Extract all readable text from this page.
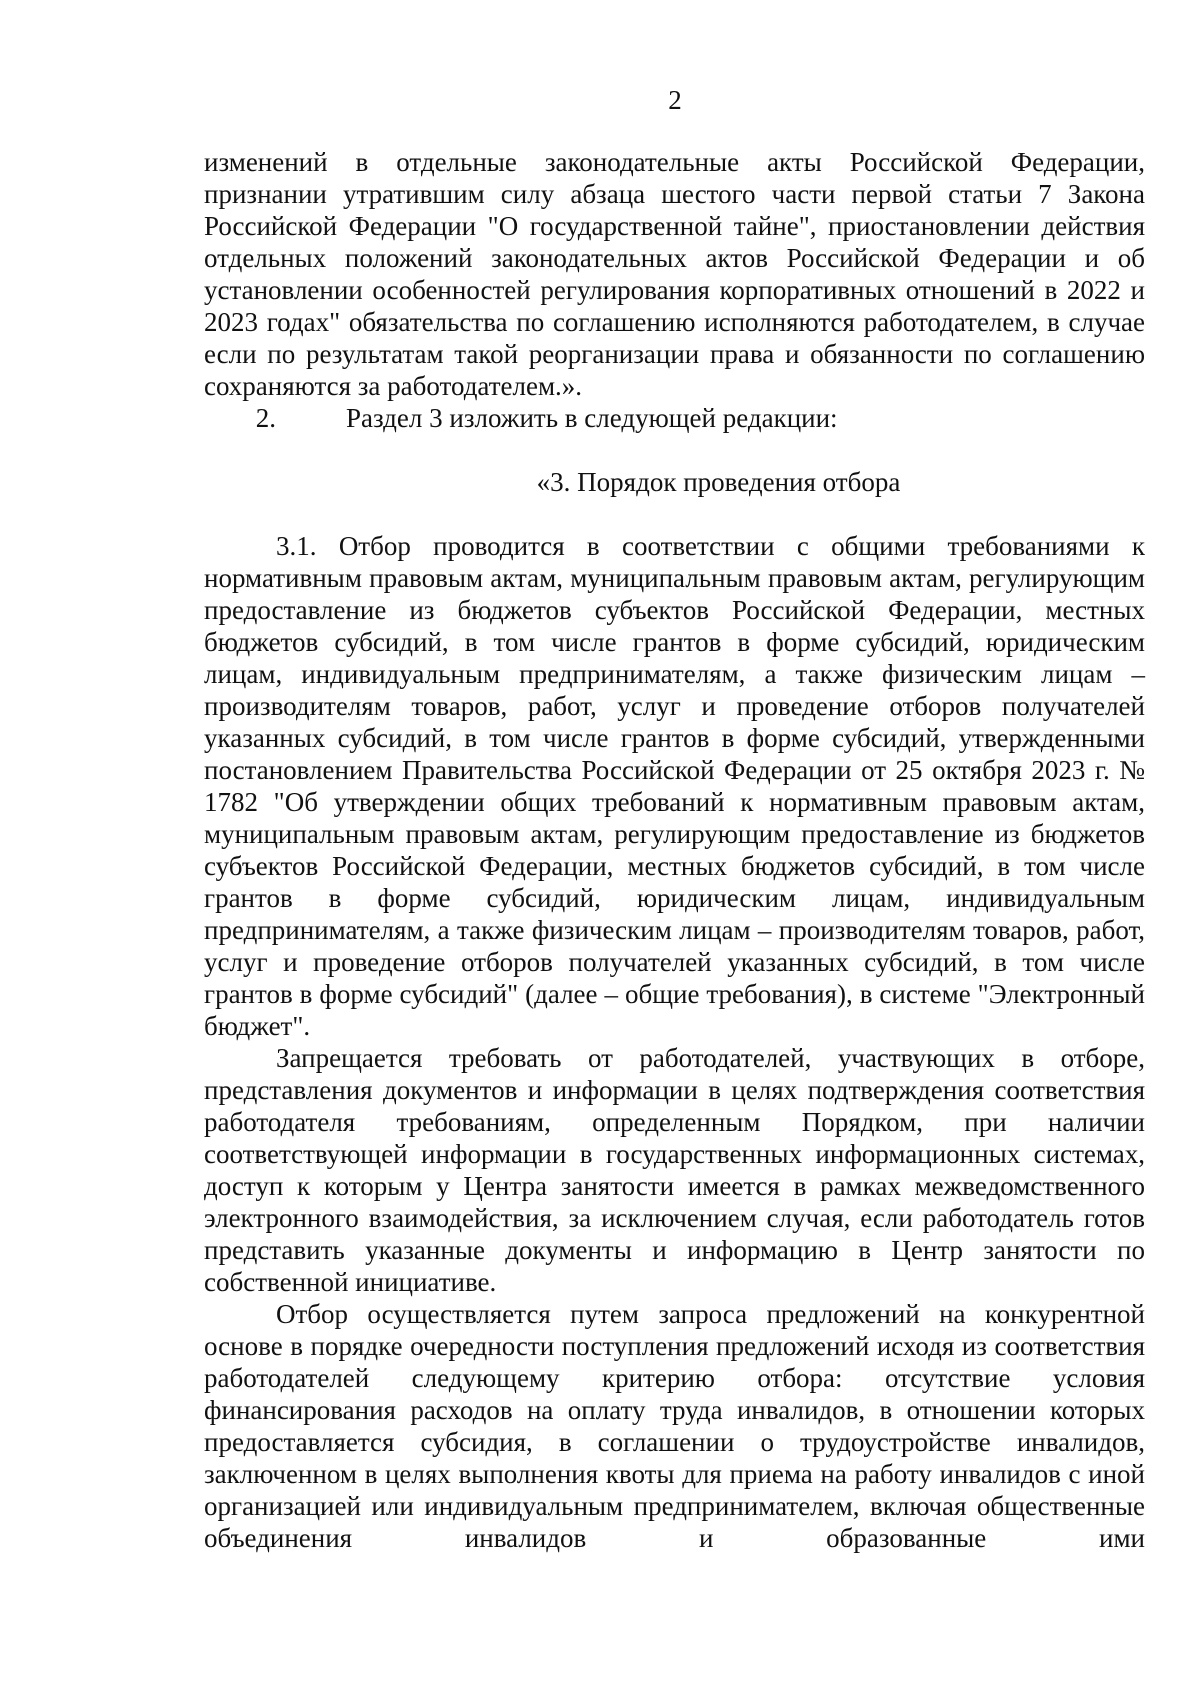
2

изменений в отдельные законодательные акты Российской Федерации, признании утратившим силу абзаца шестого части первой статьи 7 Закона Российской Федерации "О государственной тайне", приостановлении действия отдельных положений законодательных актов Российской Федерации и об установлении особенностей регулирования корпоративных отношений в 2022 и 2023 годах" обязательства по соглашению исполняются работодателем, в случае если по результатам такой реорганизации права и обязанности по соглашению сохраняются за работодателем.».

2.	Раздел 3 изложить в следующей редакции:
«3. Порядок проведения отбора

3.1. Отбор проводится в соответствии с общими требованиями к нормативным правовым актам, муниципальным правовым актам, регулирующим предоставление из бюджетов субъектов Российской Федерации, местных бюджетов субсидий, в том числе грантов в форме субсидий, юридическим лицам, индивидуальным предпринимателям, а также физическим лицам – производителям товаров, работ, услуг и проведение отборов получателей указанных субсидий, в том числе грантов в форме субсидий, утвержденными постановлением Правительства Российской Федерации от 25 октября 2023 г. № 1782 "Об утверждении общих требований к нормативным правовым актам, муниципальным правовым актам, регулирующим предоставление из бюджетов субъектов Российской Федерации, местных бюджетов субсидий, в том числе грантов в форме субсидий, юридическим лицам, индивидуальным предпринимателям, а также физическим лицам – производителям товаров, работ, услуг и проведение отборов получателей указанных субсидий, в том числе грантов в форме субсидий" (далее – общие требования), в системе "Электронный бюджет".

Запрещается требовать от работодателей, участвующих в отборе, представления документов и информации в целях подтверждения соответствия работодателя требованиям, определенным Порядком, при наличии соответствующей информации в государственных информационных системах, доступ к которым у Центра занятости имеется в рамках межведомственного электронного взаимодействия, за исключением случая, если работодатель готов представить указанные документы и информацию в Центр занятости по собственной инициативе.

Отбор осуществляется путем запроса предложений на конкурентной основе в порядке очередности поступления предложений исходя из соответствия работодателей следующему критерию отбора: отсутствие условия финансирования расходов на оплату труда инвалидов, в отношении которых предоставляется субсидия, в соглашении о трудоустройстве инвалидов, заключенном в целях выполнения квоты для приема на работу инвалидов с иной организацией или индивидуальным предпринимателем, включая общественные объединения инвалидов и образованные ими
